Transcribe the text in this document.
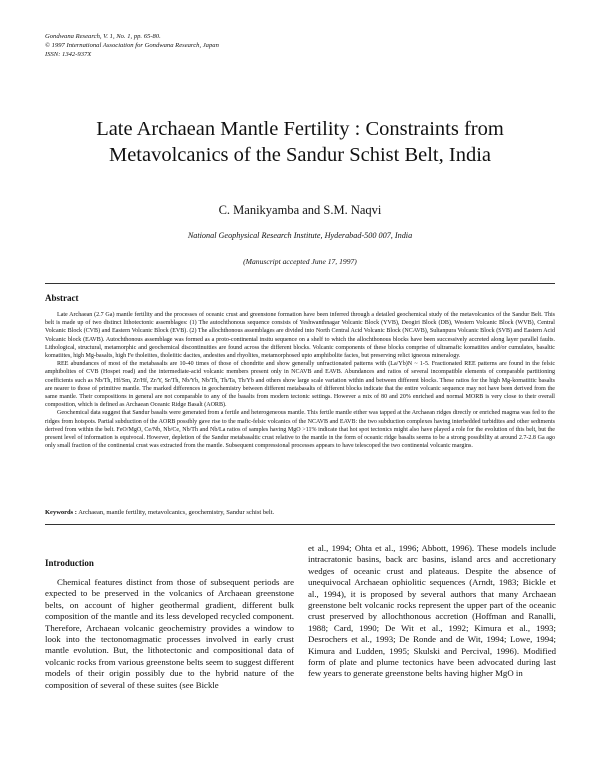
Gondwana Research, V. 1, No. 1, pp. 65-80.
© 1997 International Association for Gondwana Research, Japan
ISSN: 1342-937X
Late Archaean Mantle Fertility : Constraints from
Metavolcanics of the Sandur Schist Belt, India
C. Manikyamba and S.M. Naqvi
National Geophysical Research Institute, Hyderabad-500 007, India
(Manuscript accepted June 17, 1997)
Abstract

Late Archaean (2.7 Ga) mantle fertility and the processes of oceanic crust and greenstone formation have been inferred through a detailed geochemical study of the metavolcanics of the Sandur Belt. This belt is made up of two distinct lithotectonic assemblages: (1) The autochthonous sequence consists of Yeshwanthnagar Volcanic Block (YVB), Deogiri Block (DB), Western Volcanic Block (WVB), Central Volcanic Block (CVB) and Eastern Volcanic Block (EVB). (2) The allochthonous assemblages are divided into North Central Acid Volcanic Block (NCAVB), Sultanpura Volcanic Block (SVB) and Eastern Acid Volcanic block (EAVB). Autochthonous assemblage was formed as a proto-continental insitu sequence on a shelf to which the allochthonous blocks have been successively accreted along layer parallel faults. Lithological, structural, metamorphic and geochemical discontinuities are found across the different blocks. Volcanic components of these blocks comprise of ultramafic komatiites and/or cumulates, basaltic komatiites, high Mg-basalts, high Fe tholeiites, tholeiitic dacites, andesites and rhyolites, metamorphosed upto amphibolite facies, but preserving relict igneous mineralogy.

REE abundances of most of the metabasalts are 10-40 times of those of chondrite and show generally unfractionated patterns with (La/Yb)N ~ 1-5. Fractionated REE patterns are found in the felsic amphibolites of CVB (Hospet road) and the intermediate-acid volcanic members present only in NCAVB and EAVB. Abundances and ratios of several incompatible elements of comparable partitioning coefficients such as Nb/Th, Hf/Sm, Zr/Hf, Zr/Y, Sr/Th, Nb/Yb, Nb/Th, Th/Ta, Th/Yb and others show large scale variation within and between different blocks. These ratios for the high Mg-komatiitic basalts are nearer to those of primitive mantle. The marked differences in geochemistry between different metabasalts of different blocks indicate that the entire volcanic sequence may not have been derived from the same mantle. Their compositions in general are not comparable to any of the basalts from modern tectonic settings. However a mix of 80 and 20% enriched and normal MORB is very close to their overall composition, which is defined as Archaean Oceanic Ridge Basalt (AORB).

Geochemical data suggest that Sandur basalts were generated from a fertile and heterogeneous mantle. This fertile mantle either was tapped at the Archaean ridges directly or enriched magma was fed to the ridges from hotspots. Partial subduction of the AORB possibly gave rise to the mafic-felsic volcanics of the NCAVB and EAVB: the two subduction complexes having interbedded turbidites and other sediments derived from within the belt. FeO/MgO, Ce/Nb, Nb/Ce, Nb/Th and Nb/La ratios of samples having MgO >11% indicate that hot spot tectonics might also have played a role for the evolution of this belt, but the present level of information is equivocal. However, depletion of the Sandur metabasaltic crust relative to the mantle in the form of oceanic ridge basalts seems to be a strong possibility at around 2.7-2.8 Ga ago only small fraction of the continental crust was extracted from the mantle. Subsequent compressional processes appears to have telescoped the two continental volcanic margins.

Keywords : Archaean, mantle fertility, metavolcanics, geochemistry, Sandur schist belt.
Introduction

Chemical features distinct from those of subsequent periods are expected to be preserved in the volcanics of Archaean greenstone belts, on account of higher geothermal gradient, different bulk composition of the mantle and its less developed recycled component. Therefore, Archaean volcanic geochemistry provides a window to look into the tectonomagmatic processes involved in early crust mantle evolution. But, the lithotectonic and compositional data of volcanic rocks from various greenstone belts seem to suggest different models of their origin possibly due to the hybrid nature of the composition of several of these suites (see Bickle

et al., 1994; Ohta et al., 1996; Abbott, 1996). These models include intracratonic basins, back arc basins, island arcs and accretionary wedges of oceanic crust and plateaus. Despite the absence of unequivocal Archaean ophiolitic sequences (Arndt, 1983; Bickle et al., 1994), it is proposed by several authors that many Archaean greenstone belt volcanic rocks represent the upper part of the oceanic crust preserved by allochthonous accretion (Hoffman and Ranalli, 1988; Card, 1990; De Wit et al., 1992; Kimura et al., 1993; Desrochers et al., 1993; De Ronde and de Wit, 1994; Lowe, 1994; Kimura and Ludden, 1995; Skulski and Percival, 1996). Modified form of plate and plume tectonics have been advocated during last few years to generate greenstone belts having higher MgO in
